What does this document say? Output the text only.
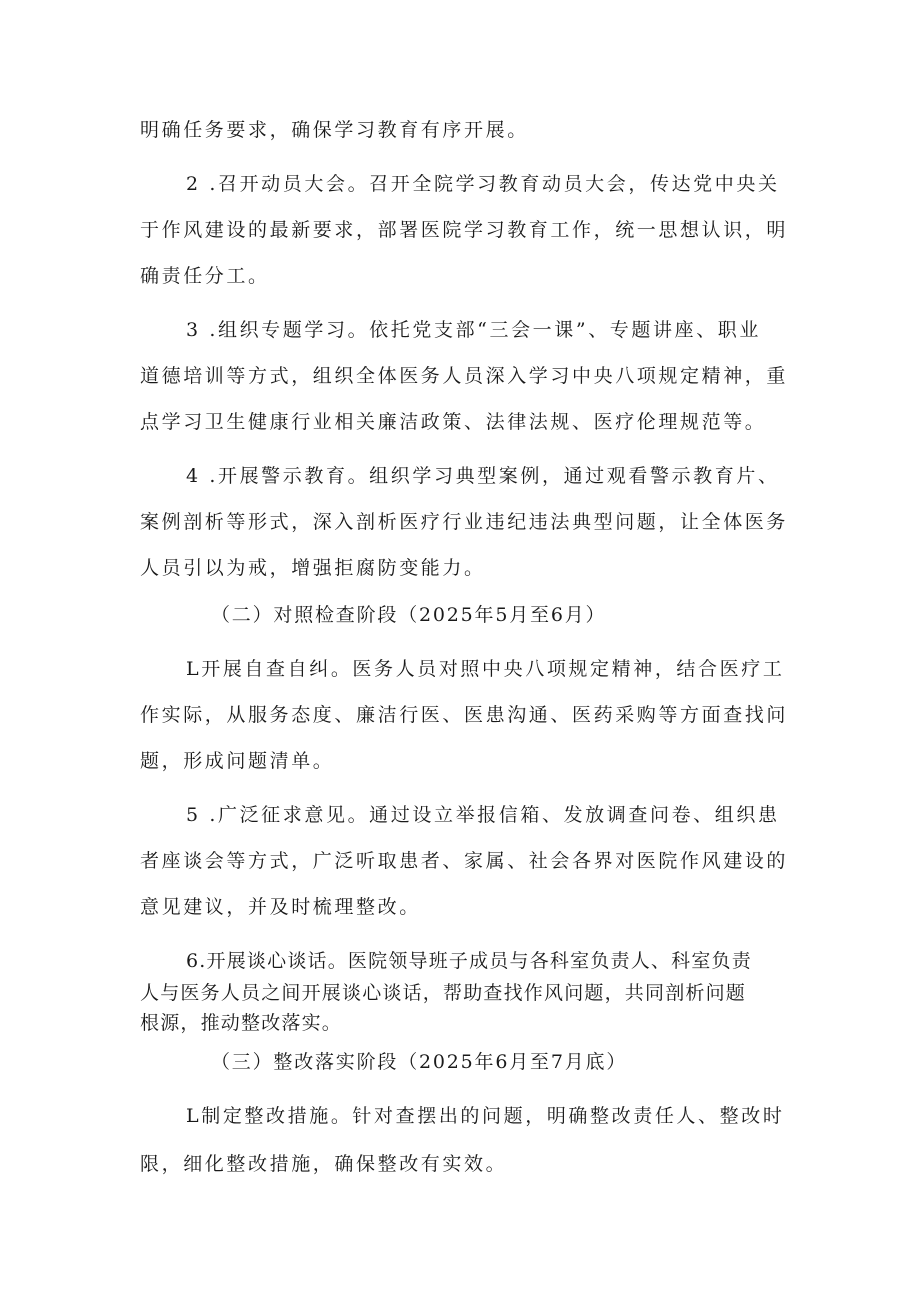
明确任务要求，确保学习教育有序开展。
2 .召开动员大会。召开全院学习教育动员大会，传达党中央关
于作风建设的最新要求，部署医院学习教育工作，统一思想认识，明
确责任分工。
3 .组织专题学习。依托党支部“三会一课”、专题讲座、职业
道德培训等方式，组织全体医务人员深入学习中央八项规定精神，重
点学习卫生健康行业相关廉洁政策、法律法规、医疗伦理规范等。
4 .开展警示教育。组织学习典型案例，通过观看警示教育片、
案例剖析等形式，深入剖析医疗行业违纪违法典型问题，让全体医务
人员引以为戒，增强拒腐防变能力。
（二）对照检查阶段（2025年5月至6月）
L开展自查自纠。医务人员对照中央八项规定精神，结合医疗工
作实际，从服务态度、廉洁行医、医患沟通、医药采购等方面查找问
题，形成问题清单。
5 .广泛征求意见。通过设立举报信箱、发放调查问卷、组织患
者座谈会等方式，广泛听取患者、家属、社会各界对医院作风建设的
意见建议，并及时梳理整改。
6.开展谈心谈话。医院领导班子成员与各科室负责人、科室负责
人与医务人员之间开展谈心谈话，帮助查找作风问题，共同剖析问题
根源，推动整改落实。
（三）整改落实阶段（2025年6月至7月底）
L制定整改措施。针对查摆出的问题，明确整改责任人、整改时
限，细化整改措施，确保整改有实效。
